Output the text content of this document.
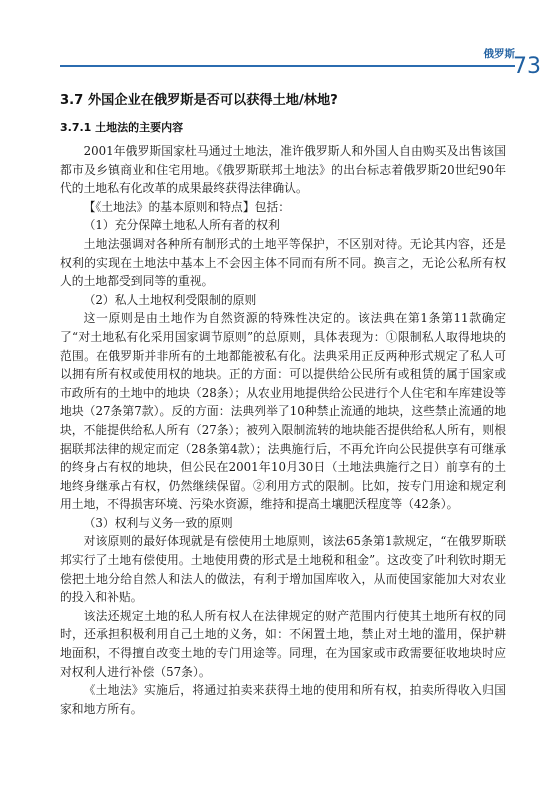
俄罗斯
73
3.7 外国企业在俄罗斯是否可以获得土地/林地?
3.7.1 土地法的主要内容

2001年俄罗斯国家杜马通过土地法，准许俄罗斯人和外国人自由购买及出售该国都市及乡镇商业和住宅用地。《俄罗斯联邦土地法》的出台标志着俄罗斯20世纪90年代的土地私有化改革的成果最终获得法律确认。

【《土地法》的基本原则和特点】包括：

（1）充分保障土地私人所有者的权利

土地法强调对各种所有制形式的土地平等保护，不区别对待。无论其内容，还是权利的实现在土地法中基本上不会因主体不同而有所不同。换言之，无论公私所有权人的土地都受到同等的重视。

（2）私人土地权利受限制的原则

这一原则是由土地作为自然资源的特殊性决定的。该法典在第1条第11款确定了“对土地私有化采用国家调节原则”的总原则，具体表现为：①限制私人取得地块的范围。在俄罗斯并非所有的土地都能被私有化。法典采用正反两种形式规定了私人可以拥有所有权或使用权的地块。正的方面：可以提供给公民所有或租赁的属于国家或市政所有的土地中的地块（28条）；从农业用地提供给公民进行个人住宅和车库建设等地块（27条第7款）。反的方面：法典列举了10种禁止流通的地块，这些禁止流通的地块，不能提供给私人所有（27条）；被列入限制流转的地块能否提供给私人所有，则根据联邦法律的规定而定（28条第4款）；法典施行后，不再允许向公民提供享有可继承的终身占有权的地块，但公民在2001年10月30日（土地法典施行之日）前享有的土地终身继承占有权，仍然继续保留。②利用方式的限制。比如，按专门用途和规定利用土地，不得损害环境、污染水资源，维持和提高土壤肥沃程度等（42条）。

（3）权利与义务一致的原则

对该原则的最好体现就是有偿使用土地原则，该法65条第1款规定，“在俄罗斯联邦实行了土地有偿使用。土地使用费的形式是土地税和租金”。这改变了叶利钦时期无偿把土地分给自然人和法人的做法，有利于增加国库收入，从而使国家能加大对农业的投入和补贴。

该法还规定土地的私人所有权人在法律规定的财产范围内行使其土地所有权的同时，还承担积极利用自己土地的义务，如：不闲置土地，禁止对土地的滥用，保护耕地面积，不得擅自改变土地的专门用途等。同理，在为国家或市政需要征收地块时应对权利人进行补偿（57条）。

《土地法》实施后，将通过拍卖来获得土地的使用和所有权，拍卖所得收入归国家和地方所有。
